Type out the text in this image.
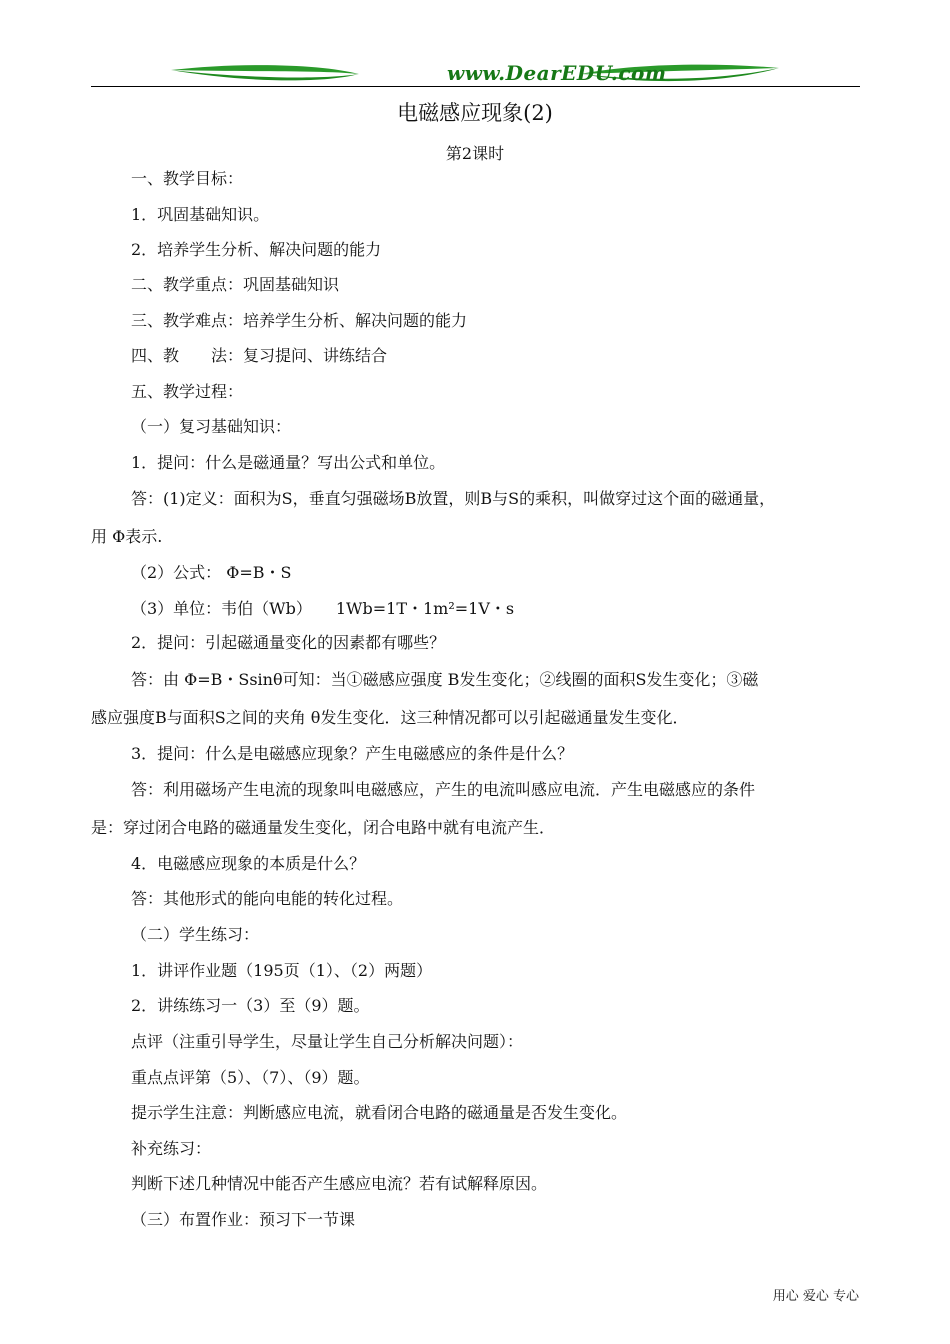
www.DearEDU.com
电磁感应现象(2)
第2课时
一、教学目标：
1．巩固基础知识。
2．培养学生分析、解决问题的能力
二、教学重点：巩固基础知识
三、教学难点：培养学生分析、解决问题的能力
四、教　　法：复习提问、讲练结合
五、教学过程：
（一）复习基础知识：
1．提问：什么是磁通量？写出公式和单位。
答：(1)定义：面积为S，垂直匀强磁场B放置，则B与S的乘积，叫做穿过这个面的磁通量，
用 Φ表示.
（2）公式： Φ=B・S
（3）单位：韦伯（Wb）　　1Wb=1T・1m²=1V・s
2．提问：引起磁通量变化的因素都有哪些？
答：由 Φ=B・Ssinθ可知：当①磁感应强度 B发生变化；②线圈的面积S发生变化；③磁
感应强度B与面积S之间的夹角 θ发生变化．这三种情况都可以引起磁通量发生变化．
3．提问：什么是电磁感应现象？产生电磁感应的条件是什么？
答：利用磁场产生电流的现象叫电磁感应，产生的电流叫感应电流．产生电磁感应的条件
是：穿过闭合电路的磁通量发生变化，闭合电路中就有电流产生．
4．电磁感应现象的本质是什么？
答：其他形式的能向电能的转化过程。
（二）学生练习：
1．讲评作业题（195页（1）、（2）两题）
2．讲练练习一（3）至（9）题。
点评（注重引导学生，尽量让学生自己分析解决问题）：
重点点评第（5）、（7）、（9）题。
提示学生注意：判断感应电流，就看闭合电路的磁通量是否发生变化。
补充练习：
判断下述几种情况中能否产生感应电流？若有试解释原因。
（三）布置作业：预习下一节课
用心 爱心 专心
